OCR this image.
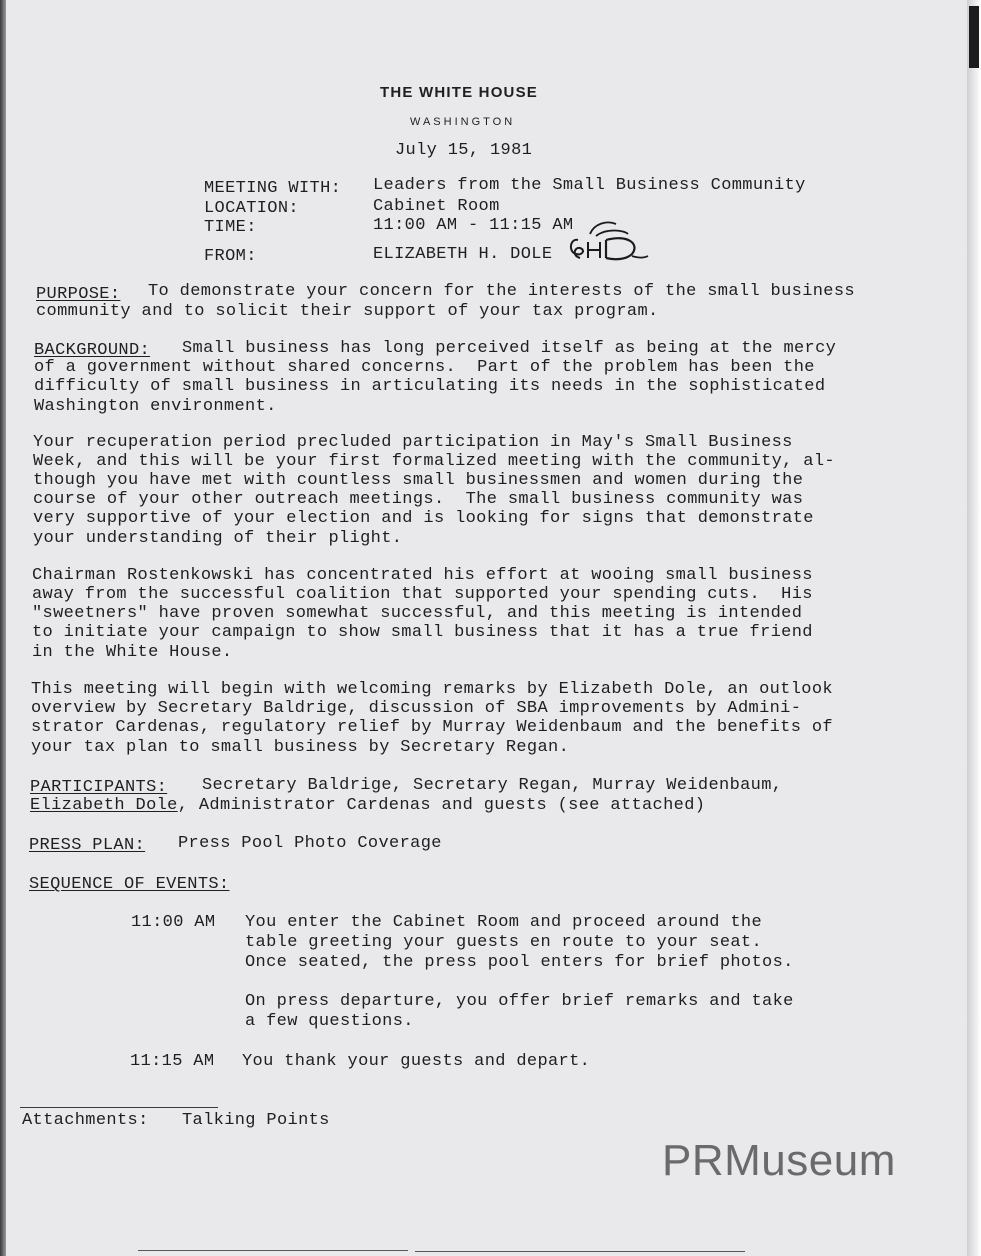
THE WHITE HOUSE
WASHINGTON
July 15, 1981
MEETING WITH: Leaders from the Small Business Community
LOCATION:	Cabinet Room
TIME:	11:00 AM - 11:15 AM
FROM:	ELIZABETH H. DOLE
PURPOSE: To demonstrate your concern for the interests of the small business
community and to solicit their support of your tax program.
BACKGROUND: Small business has long perceived itself as being at the mercy
of a government without shared concerns.  Part of the problem has been the
difficulty of small business in articulating its needs in the sophisticated
Washington environment.
Your recuperation period precluded participation in May's Small Business
Week, and this will be your first formalized meeting with the community, al-
though you have met with countless small businessmen and women during the
course of your other outreach meetings.  The small business community was
very supportive of your election and is looking for signs that demonstrate
your understanding of their plight.
Chairman Rostenkowski has concentrated his effort at wooing small business
away from the successful coalition that supported your spending cuts.  His
"sweetners" have proven somewhat successful, and this meeting is intended
to initiate your campaign to show small business that it has a true friend
in the White House.
This meeting will begin with welcoming remarks by Elizabeth Dole, an outlook
overview by Secretary Baldrige, discussion of SBA improvements by Admini-
strator Cardenas, regulatory relief by Murray Weidenbaum and the benefits of
your tax plan to small business by Secretary Regan.
PARTICIPANTS: Secretary Baldrige, Secretary Regan, Murray Weidenbaum,
Elizabeth Dole, Administrator Cardenas and guests (see attached)
PRESS PLAN: Press Pool Photo Coverage
SEQUENCE OF EVENTS:
11:00 AM You enter the Cabinet Room and proceed around the
table greeting your guests en route to your seat.
Once seated, the press pool enters for brief photos.
On press departure, you offer brief remarks and take
a few questions.
11:15 AM You thank your guests and depart.
Attachments: Talking Points
PRMuseum
